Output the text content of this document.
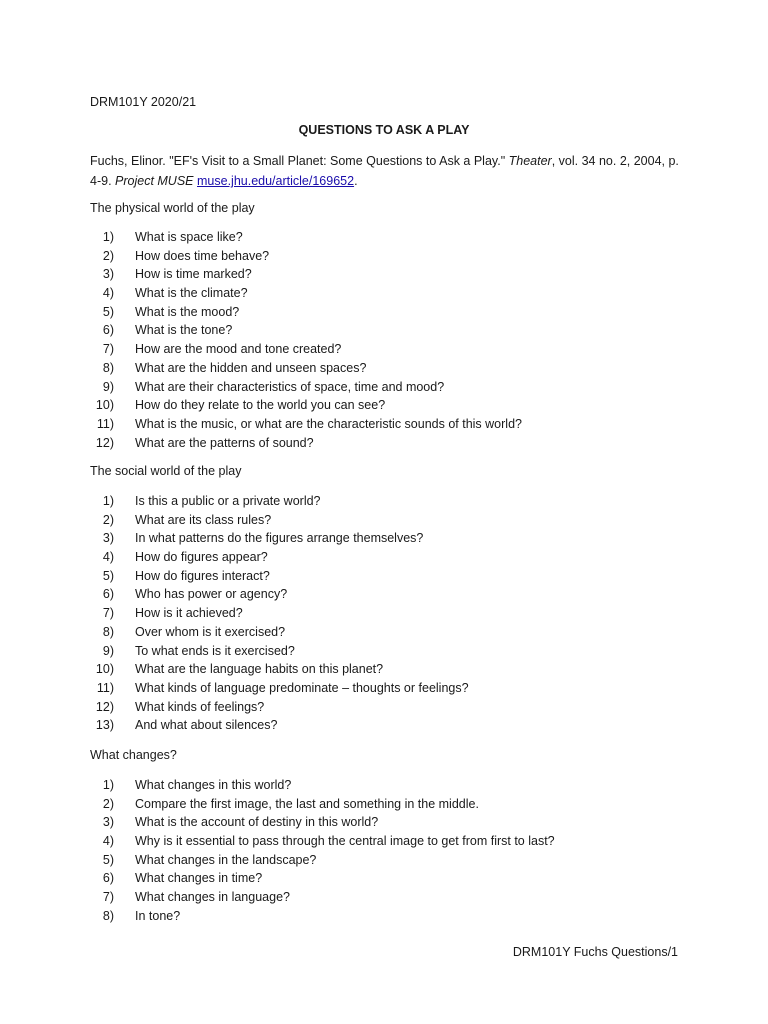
DRM101Y 2020/21

QUESTIONS TO ASK A PLAY

Fuchs, Elinor. "EF's Visit to a Small Planet: Some Questions to Ask a Play." Theater, vol. 34 no. 2, 2004, p. 4-9. Project MUSE muse.jhu.edu/article/169652.

The physical world of the play

1) What is space like?
2) How does time behave?
3) How is time marked?
4) What is the climate?
5) What is the mood?
6) What is the tone?
7) How are the mood and tone created?
8) What are the hidden and unseen spaces?
9) What are their characteristics of space, time and mood?
10) How do they relate to the world you can see?
11) What is the music, or what are the characteristic sounds of this world?
12) What are the patterns of sound?

The social world of the play

1) Is this a public or a private world?
2) What are its class rules?
3) In what patterns do the figures arrange themselves?
4) How do figures appear?
5) How do figures interact?
6) Who has power or agency?
7) How is it achieved?
8) Over whom is it exercised?
9) To what ends is it exercised?
10) What are the language habits on this planet?
11) What kinds of language predominate – thoughts or feelings?
12) What kinds of feelings?
13) And what about silences?

What changes?

1) What changes in this world?
2) Compare the first image, the last and something in the middle.
3) What is the account of destiny in this world?
4) Why is it essential to pass through the central image to get from first to last?
5) What changes in the landscape?
6) What changes in time?
7) What changes in language?
8) In tone?

DRM101Y Fuchs Questions/1
